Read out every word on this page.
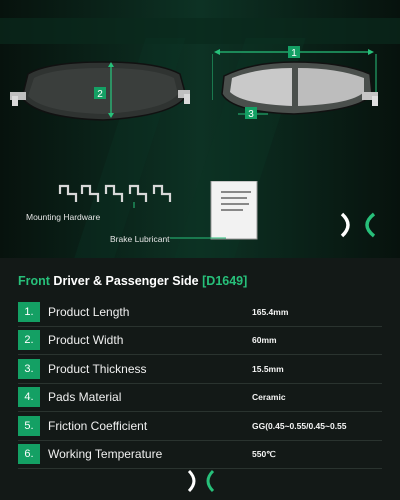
2
1
3
Mounting Hardware
Brake Lubricant
Front Driver & Passenger Side [D1649]
1.	Product Length	165.4mm
2.	Product Width	60mm
3.	Product Thickness	15.5mm
4.	Pads Material	Ceramic
5.	Friction Coefficient	GG(0.45~0.55/0.45~0.55
6.	Working Temperature	550℃
